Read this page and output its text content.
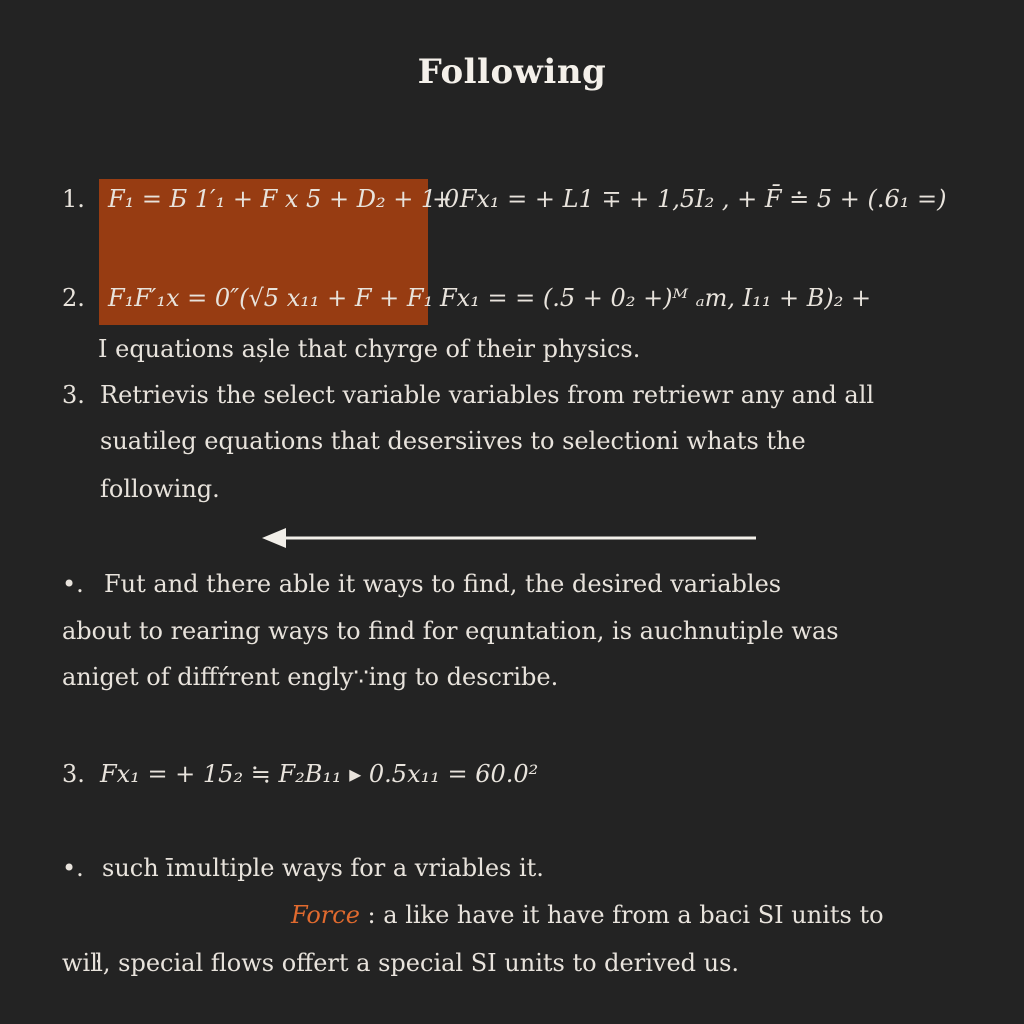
Following
1. F₁ = Б 1′₁ + F x 5 + D₂ + 1.0
+ Fx₁ = + L1 ∓ + 1,5I₂ , + F̄ ≐ 5 + (.6₁ =)
2. F₁F′₁x = 0″(√5 x₁₁ + F + F₁ Fx₁ = = (.5 + 0₂ +)ᴹ ₐm, I₁₁ + B)₂ +
I equations așle that chyrge of their physics.
3. Retrievis the select variable variables from retriewr any and all
suatileg equations that desersiives to selectioni whats the
following.
•. Fut and there able it ways to find, the desired variables
about to rearing ways to find for equntation, is auchnutiple was
aniget of diffŕrent engly∵ing to describe.
3. Fx₁ = + 15₂ ≒ F₂B₁₁ ▸ 0.5x₁₁ = 60.0²
•. such īmultiple ways for a vriables it.
Force : a like have it have from a baci SI units to
wiŀl, special flows offert a special SI units to derived us.
